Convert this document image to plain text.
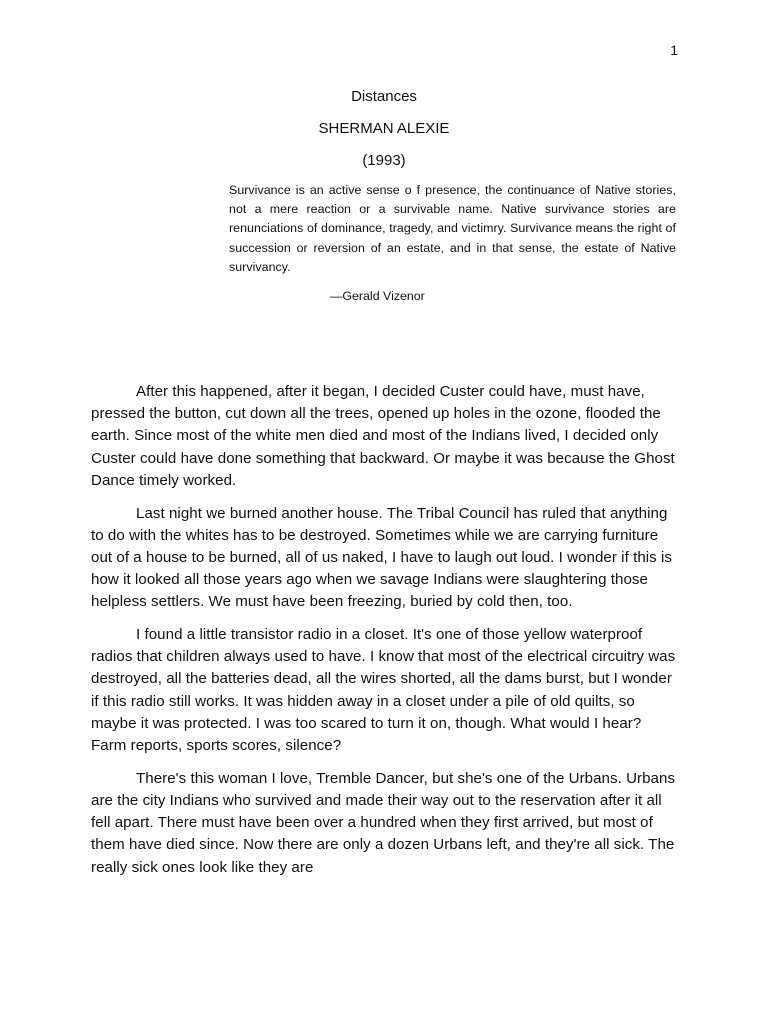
1
Distances
SHERMAN ALEXIE
(1993)
Survivance is an active sense o f presence, the continuance of Native stories, not a mere reaction or a survivable name. Native survivance stories are renunciations of dominance, tragedy, and victimry. Survivance means the right of succession or reversion of an estate, and in that sense, the estate of Native survivancy.
—Gerald Vizenor

After this happened, after it began, I decided Custer could have, must have, pressed the button, cut down all the trees, opened up holes in the ozone, flooded the earth. Since most of the white men died and most of the Indians lived, I decided only Custer could have done something that backward. Or maybe it was because the Ghost Dance timely worked.

Last night we burned another house. The Tribal Council has ruled that anything to do with the whites has to be destroyed. Sometimes while we are carrying furniture out of a house to be burned, all of us naked, I have to laugh out loud. I wonder if this is how it looked all those years ago when we savage Indians were slaughtering those helpless settlers. We must have been freezing, buried by cold then, too.

I found a little transistor radio in a closet. It's one of those yellow waterproof radios that children always used to have. I know that most of the electrical circuitry was destroyed, all the batteries dead, all the wires shorted, all the dams burst, but I wonder if this radio still works. It was hidden away in a closet under a pile of old quilts, so maybe it was protected. I was too scared to turn it on, though. What would I hear? Farm reports, sports scores, silence?

There's this woman I love, Tremble Dancer, but she's one of the Urbans. Urbans are the city Indians who survived and made their way out to the reservation after it all fell apart. There must have been over a hundred when they first arrived, but most of them have died since. Now there are only a dozen Urbans left, and they're all sick. The really sick ones look like they are
